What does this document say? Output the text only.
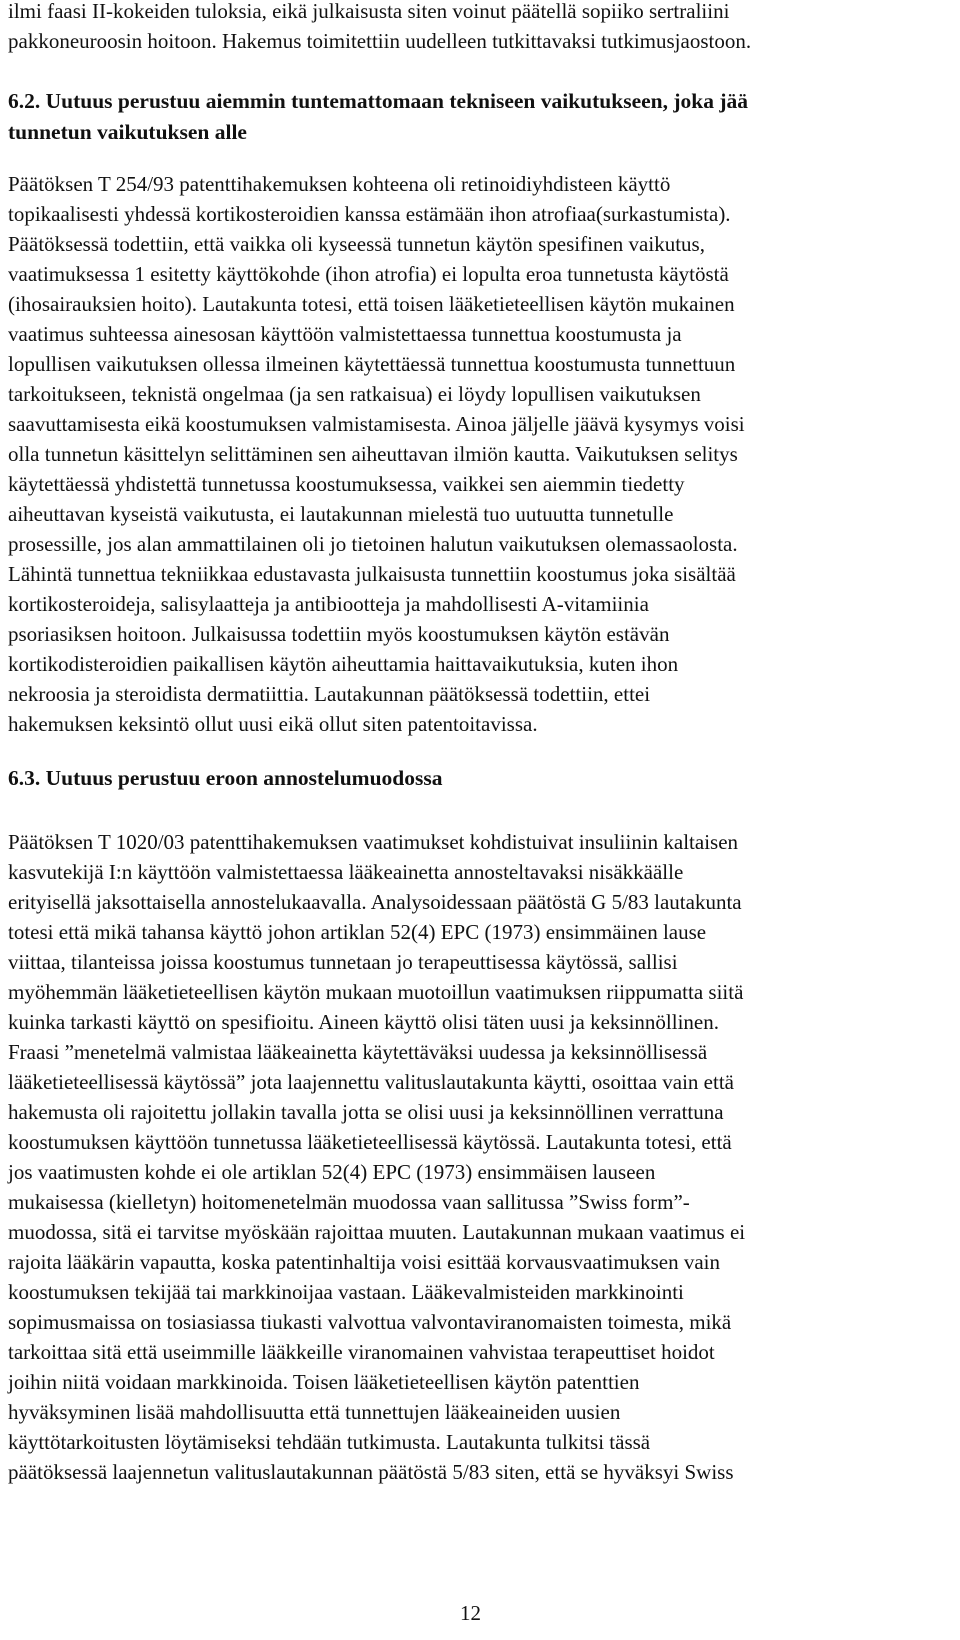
ilmi faasi II-kokeiden tuloksia, eikä julkaisusta siten voinut päätellä sopiiko sertraliini
pakkoneuroosin hoitoon. Hakemus toimitettiin uudelleen tutkittavaksi tutkimusjaostoon.
6.2. Uutuus perustuu aiemmin tuntemattomaan tekniseen vaikutukseen, joka jää
tunnetun vaikutuksen alle
Päätöksen T 254/93 patenttihakemuksen kohteena oli retinoidiyhdisteen käyttö
topikaalisesti yhdessä kortikosteroidien kanssa estämään ihon atrofiaa(surkastumista).
Päätöksessä todettiin, että vaikka oli kyseessä tunnetun käytön spesifinen vaikutus,
vaatimuksessa 1 esitetty käyttökohde (ihon atrofia) ei lopulta eroa tunnetusta käytöstä
(ihosairauksien hoito). Lautakunta totesi, että toisen lääketieteellisen käytön mukainen
vaatimus suhteessa ainesosan käyttöön valmistettaessa tunnettua koostumusta ja
lopullisen vaikutuksen ollessa ilmeinen käytettäessä tunnettua koostumusta tunnettuun
tarkoitukseen, teknistä ongelmaa (ja sen ratkaisua) ei löydy lopullisen vaikutuksen
saavuttamisesta eikä koostumuksen valmistamisesta. Ainoa jäljelle jäävä kysymys voisi
olla tunnetun käsittelyn selittäminen sen aiheuttavan ilmiön kautta. Vaikutuksen selitys
käytettäessä yhdistettä tunnetussa koostumuksessa, vaikkei sen aiemmin tiedetty
aiheuttavan kyseistä vaikutusta, ei lautakunnan mielestä tuo uutuutta tunnetulle
prosessille, jos alan ammattilainen oli jo tietoinen halutun vaikutuksen olemassaolosta.
Lähintä tunnettua tekniikkaa edustavasta julkaisusta tunnettiin koostumus joka sisältää
kortikosteroideja, salisylaatteja ja antibiootteja ja mahdollisesti A-vitamiinia
psoriasiksen hoitoon. Julkaisussa todettiin myös koostumuksen käytön estävän
kortikodisteroidien paikallisen käytön aiheuttamia haittavaikutuksia, kuten ihon
nekroosia ja steroidista dermatiittia. Lautakunnan päätöksessä todettiin, ettei
hakemuksen keksintö ollut uusi eikä ollut siten patentoitavissa.
6.3. Uutuus perustuu eroon annostelumuodossa
Päätöksen T 1020/03 patenttihakemuksen vaatimukset kohdistuivat insuliinin kaltaisen
kasvutekijä I:n käyttöön valmistettaessa lääkeainetta annosteltavaksi nisäkkäälle
erityisellä jaksottaisella annostelukaavalla. Analysoidessaan päätöstä G 5/83 lautakunta
totesi että mikä tahansa käyttö johon artiklan 52(4) EPC (1973) ensimmäinen lause
viittaa, tilanteissa joissa koostumus tunnetaan jo terapeuttisessa käytössä, sallisi
myöhemmän lääketieteellisen käytön mukaan muotoillun vaatimuksen riippumatta siitä
kuinka tarkasti käyttö on spesifioitu. Aineen käyttö olisi täten uusi ja keksinnöllinen.
Fraasi ”menetelmä valmistaa lääkeainetta käytettäväksi uudessa ja keksinnöllisessä
lääketieteellisessä käytössä” jota laajennettu valituslautakunta käytti, osoittaa vain että
hakemusta oli rajoitettu jollakin tavalla jotta se olisi uusi ja keksinnöllinen verrattuna
koostumuksen käyttöön tunnetussa lääketieteellisessä käytössä. Lautakunta totesi, että
jos vaatimusten kohde ei ole artiklan 52(4) EPC (1973) ensimmäisen lauseen
mukaisessa (kielletyn) hoitomenetelmän muodossa vaan sallitussa ”Swiss form”-
muodossa, sitä ei tarvitse myöskään rajoittaa muuten. Lautakunnan mukaan vaatimus ei
rajoita lääkärin vapautta, koska patentinhaltija voisi esittää korvausvaatimuksen vain
koostumuksen tekijää tai markkinoijaa vastaan. Lääkevalmisteiden markkinointi
sopimusmaissa on tosiasiassa tiukasti valvottua valvontaviranomaisten toimesta, mikä
tarkoittaa sitä että useimmille lääkkeille viranomainen vahvistaa terapeuttiset hoidot
joihin niitä voidaan markkinoida. Toisen lääketieteellisen käytön patenttien
hyväksyminen lisää mahdollisuutta että tunnettujen lääkeaineiden uusien
käyttötarkoitusten löytämiseksi tehdään tutkimusta. Lautakunta tulkitsi tässä
päätöksessä laajennetun valituslautakunnan päätöstä 5/83 siten, että se hyväksyi Swiss
12
